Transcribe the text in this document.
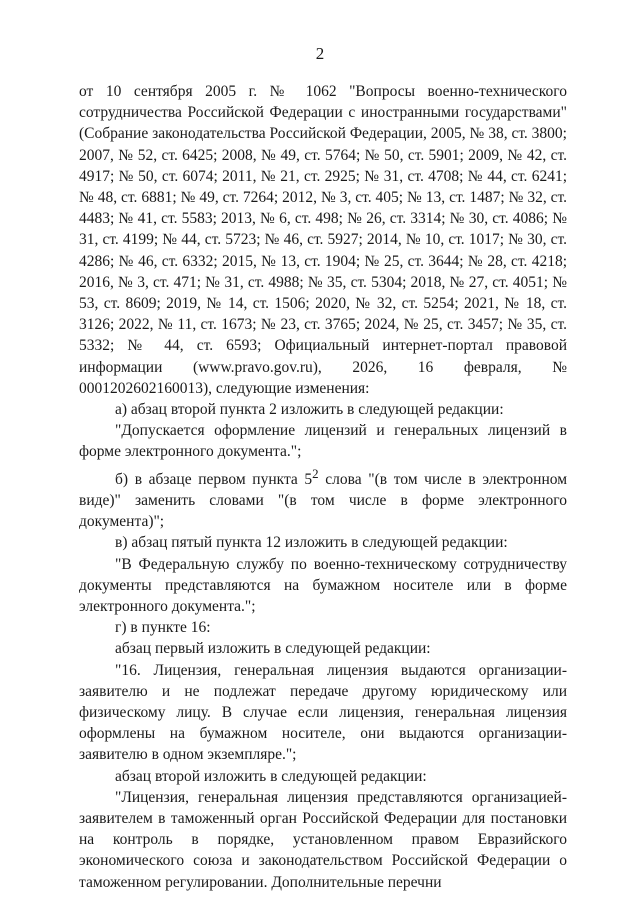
2

от 10 сентября 2005 г. № 1062 "Вопросы военно-технического сотрудничества Российской Федерации с иностранными государствами" (Собрание законодательства Российской Федерации, 2005, № 38, ст. 3800; 2007, № 52, ст. 6425; 2008, № 49, ст. 5764; № 50, ст. 5901; 2009, № 42, ст. 4917; № 50, ст. 6074; 2011, № 21, ст. 2925; № 31, ст. 4708; № 44, ст. 6241; № 48, ст. 6881; № 49, ст. 7264; 2012, № 3, ст. 405; № 13, ст. 1487; № 32, ст. 4483; № 41, ст. 5583; 2013, № 6, ст. 498; № 26, ст. 3314; № 30, ст. 4086; № 31, ст. 4199; № 44, ст. 5723; № 46, ст. 5927; 2014, № 10, ст. 1017; № 30, ст. 4286; № 46, ст. 6332; 2015, № 13, ст. 1904; № 25, ст. 3644; № 28, ст. 4218; 2016, № 3, ст. 471; № 31, ст. 4988; № 35, ст. 5304; 2018, № 27, ст. 4051; № 53, ст. 8609; 2019, № 14, ст. 1506; 2020, № 32, ст. 5254; 2021, № 18, ст. 3126; 2022, № 11, ст. 1673; № 23, ст. 3765; 2024, № 25, ст. 3457; № 35, ст. 5332; № 44, ст. 6593; Официальный интернет-портал правовой информации (www.pravo.gov.ru), 2026, 16 февраля, № 0001202602160013), следующие изменения:

а) абзац второй пункта 2 изложить в следующей редакции:

"Допускается оформление лицензий и генеральных лицензий в форме электронного документа.";

б) в абзаце первом пункта $5^2$ слова "(в том числе в электронном виде)" заменить словами "(в том числе в форме электронного документа)";

в) абзац пятый пункта 12 изложить в следующей редакции:

"В Федеральную службу по военно-техническому сотрудничеству документы представляются на бумажном носителе или в форме электронного документа.";

г) в пункте 16:

абзац первый изложить в следующей редакции:

"16. Лицензия, генеральная лицензия выдаются организации-заявителю и не подлежат передаче другому юридическому или физическому лицу. В случае если лицензия, генеральная лицензия оформлены на бумажном носителе, они выдаются организации-заявителю в одном экземпляре.";

абзац второй изложить в следующей редакции:

"Лицензия, генеральная лицензия представляются организацией-заявителем в таможенный орган Российской Федерации для постановки на контроль в порядке, установленном правом Евразийского экономического союза и законодательством Российской Федерации о таможенном регулировании. Дополнительные перечни
